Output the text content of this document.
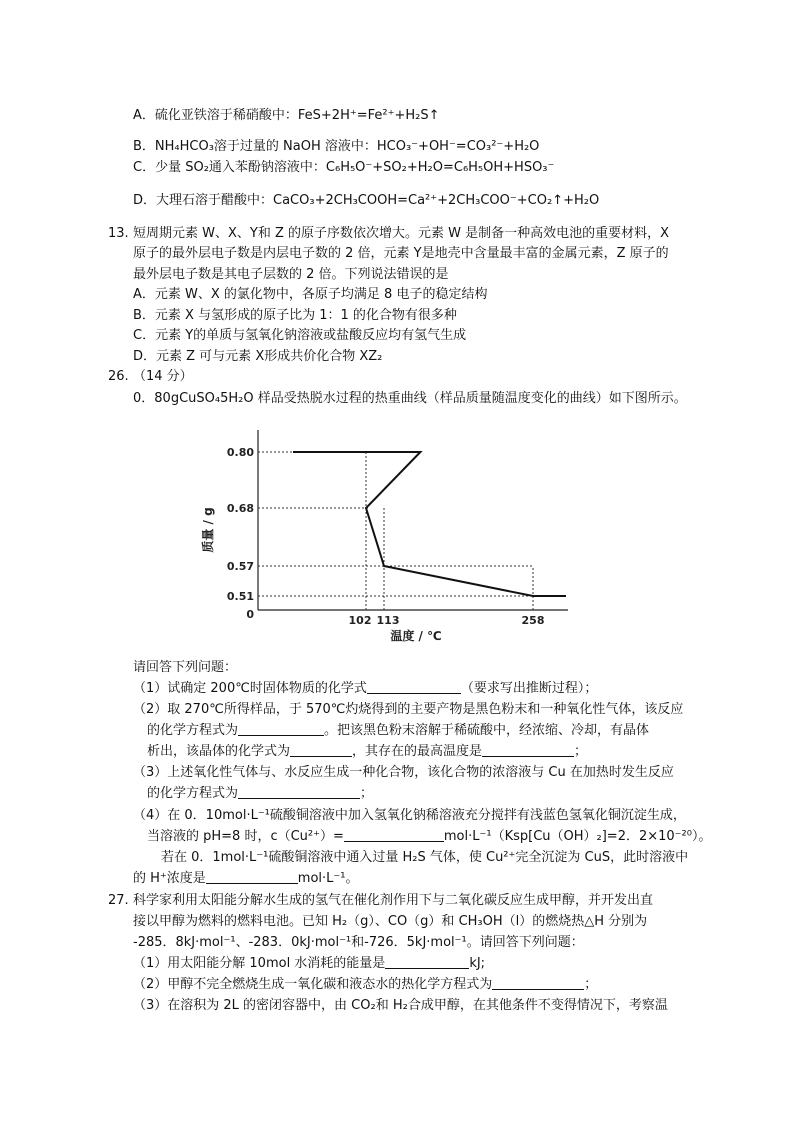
A．硫化亚铁溶于稀硝酸中：FeS+2H⁺=Fe²⁺+H₂S↑
B．NH₄HCO₃溶于过量的 NaOH 溶液中：HCO₃⁻+OH⁻=CO₃²⁻+H₂O
C．少量 SO₂通入苯酚钠溶液中：C₆H₅O⁻+SO₂+H₂O=C₆H₅OH+HSO₃⁻
D．大理石溶于醋酸中：CaCO₃+2CH₃COOH=Ca²⁺+2CH₃COO⁻+CO₂↑+H₂O
13. 短周期元素 W、X、Y和 Z 的原子序数依次增大。元素 W 是制备一种高效电池的重要材料，X
原子的最外层电子数是内层电子数的 2 倍，元素 Y是地壳中含量最丰富的金属元素，Z 原子的
最外层电子数是其电子层数的 2 倍。下列说法错误的是
A．元素 W、X 的氯化物中，各原子均满足 8 电子的稳定结构
B．元素 X 与氢形成的原子比为 1：1 的化合物有很多种
C．元素 Y的单质与氢氧化钠溶液或盐酸反应均有氢气生成
D．元素 Z 可与元素 X形成共价化合物 XZ₂
26. （14 分）
0．80gCuSO₄5H₂O 样品受热脱水过程的热重曲线（样品质量随温度变化的曲线）如下图所示。
0.80
0.68
0.57
0.51
102 113	258
0
质量 / g
温度 / ℃
请回答下列问题：
（1）试确定 200℃时固体物质的化学式	（要求写出推断过程）；
（2）取 270℃所得样品，于 570℃灼烧得到的主要产物是黑色粉末和一种氧化性气体，该反应
的化学方程式为	。把该黑色粉末溶解于稀硫酸中，经浓缩、冷却，有晶体
析出，该晶体的化学式为	，其存在的最高温度是	；
（3）上述氧化性气体与、水反应生成一种化合物，该化合物的浓溶液与 Cu 在加热时发生反应
的化学方程式为	；
（4）在 0．10mol·L⁻¹硫酸铜溶液中加入氢氧化钠稀溶液充分搅拌有浅蓝色氢氧化铜沉淀生成，
当溶液的 pH=8 时，c（Cu²⁺）=	mol·L⁻¹（Ksp[Cu（OH）₂]=2．2×10⁻²⁰）。
若在 0．1mol·L⁻¹硫酸铜溶液中通入过量 H₂S 气体，使 Cu²⁺完全沉淀为 CuS，此时溶液中
的 H⁺浓度是	mol·L⁻¹。
27. 科学家利用太阳能分解水生成的氢气在催化剂作用下与二氧化碳反应生成甲醇，并开发出直
接以甲醇为燃料的燃料电池。已知 H₂（g）、CO（g）和 CH₃OH（l）的燃烧热△H 分别为
-285．8kJ·mol⁻¹、-283．0kJ·mol⁻¹和-726．5kJ·mol⁻¹。请回答下列问题：
（1）用太阳能分解 10mol 水消耗的能量是	kJ;
（2）甲醇不完全燃烧生成一氧化碳和液态水的热化学方程式为	；
（3）在溶积为 2L 的密闭容器中，由 CO₂和 H₂合成甲醇，在其他条件不变得情况下，考察温
